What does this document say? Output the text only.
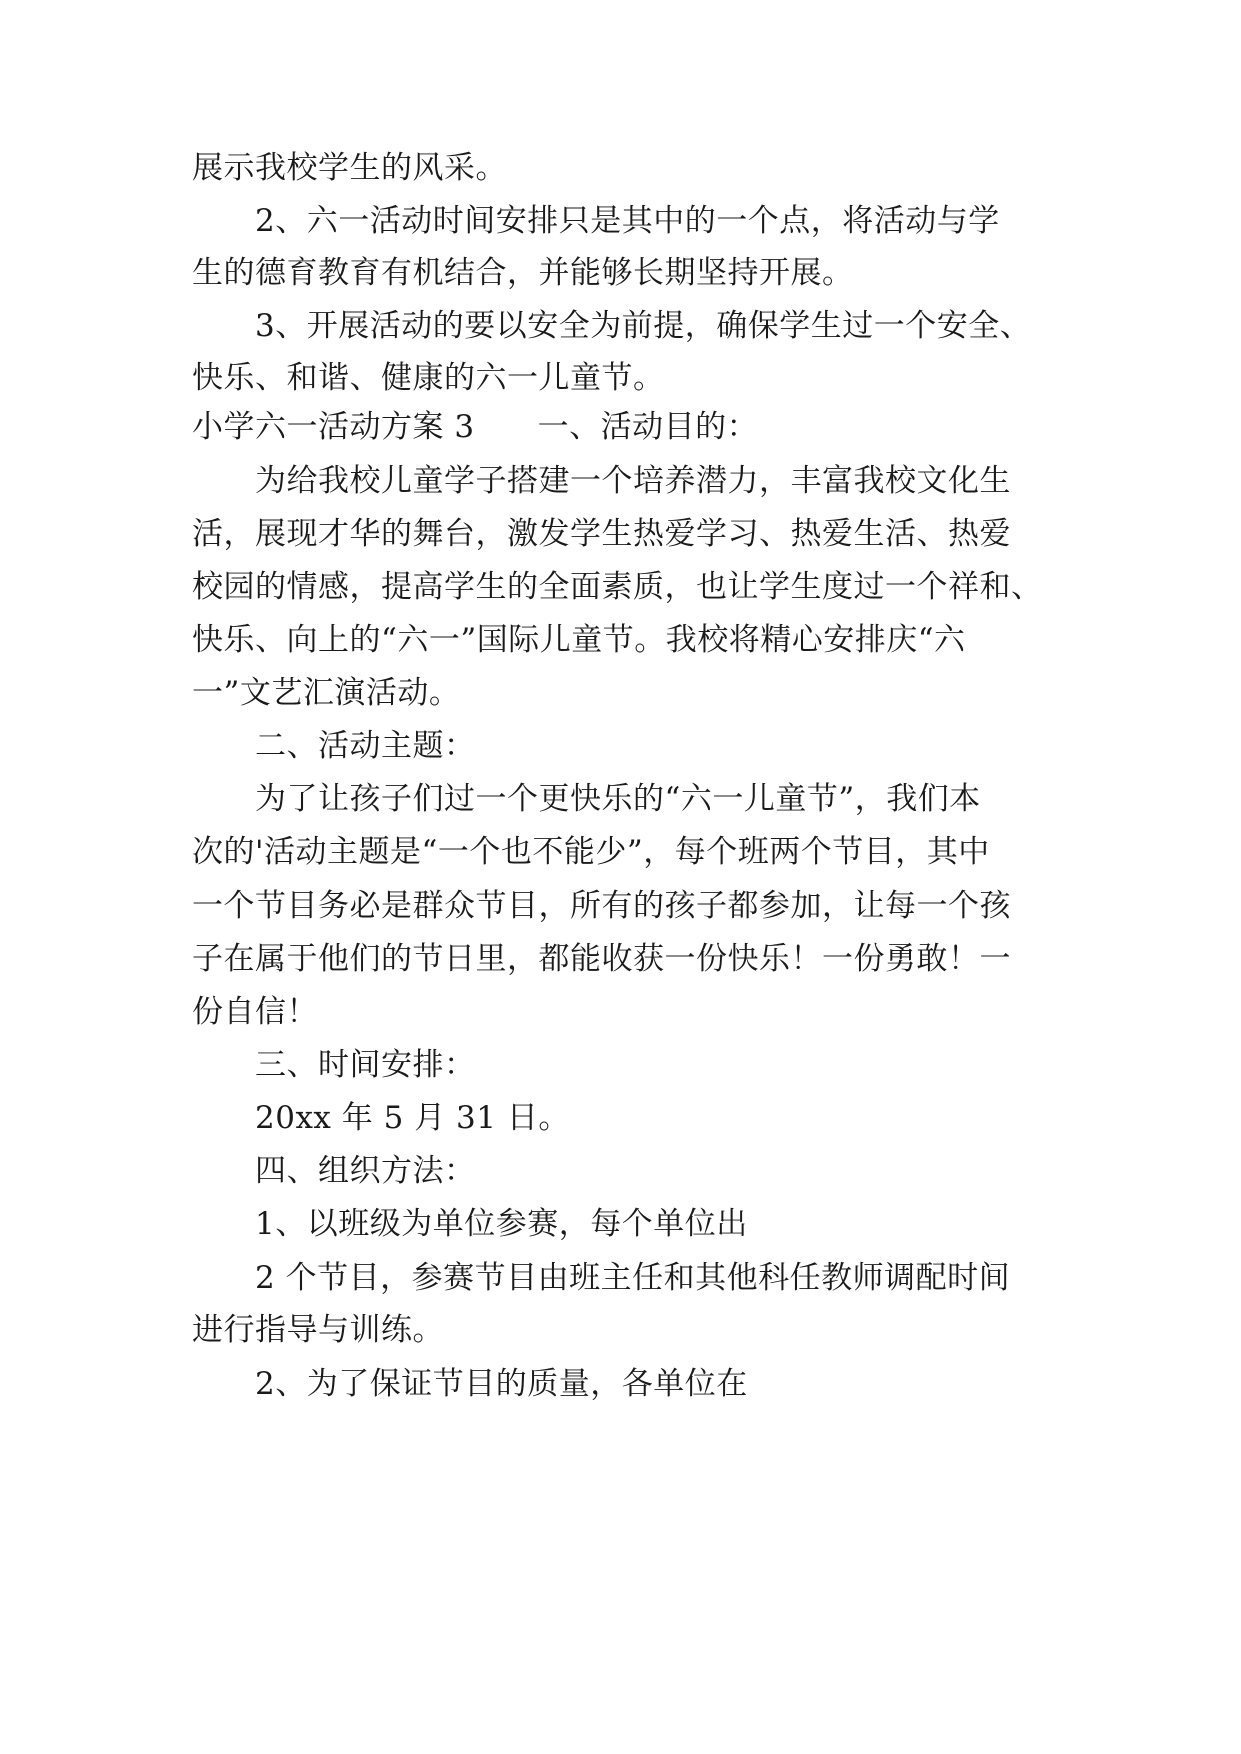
展示我校学生的风采。
2、六一活动时间安排只是其中的一个点，将活动与学
生的德育教育有机结合，并能够长期坚持开展。
3、开展活动的要以安全为前提，确保学生过一个安全、
快乐、和谐、健康的六一儿童节。
小学六一活动方案 3　　一、活动目的：
为给我校儿童学子搭建一个培养潜力，丰富我校文化生
活，展现才华的舞台，激发学生热爱学习、热爱生活、热爱
校园的情感，提高学生的全面素质，也让学生度过一个祥和、
快乐、向上的“六一”国际儿童节。我校将精心安排庆“六
一”文艺汇演活动。
二、活动主题：
为了让孩子们过一个更快乐的“六一儿童节”，我们本
次的'活动主题是“一个也不能少”，每个班两个节目，其中
一个节目务必是群众节目，所有的孩子都参加，让每一个孩
子在属于他们的节日里，都能收获一份快乐！一份勇敢！一
份自信！
三、时间安排：
20xx 年 5 月 31 日。
四、组织方法：
1、以班级为单位参赛，每个单位出
2 个节目，参赛节目由班主任和其他科任教师调配时间
进行指导与训练。
2、为了保证节目的质量，各单位在
